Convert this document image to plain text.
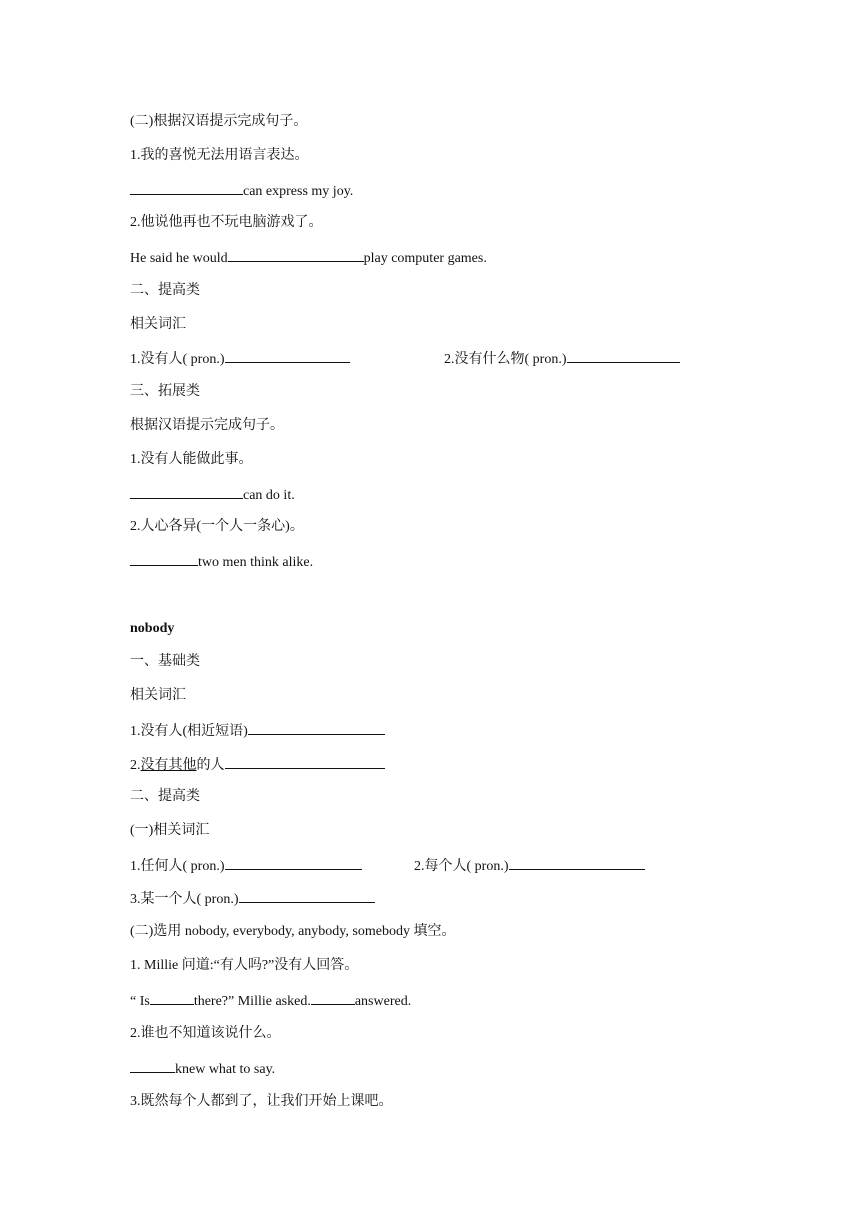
(二)根据汉语提示完成句子。
1.我的喜悦无法用语言表达。
can express my joy.
2.他说他再也不玩电脑游戏了。
He said he would	play computer games.
二、提高类
相关词汇
1.没有人( pron.)	2.没有什么物( pron.)
三、拓展类
根据汉语提示完成句子。
1.没有人能做此事。
can do it.
2.人心各异(一个人一条心)。
two men think alike.
nobody
一、基础类
相关词汇
1.没有人(相近短语)
2.没有其他的人
二、提高类
(一)相关词汇
1.任何人( pron.)	2.每个人( pron.)
3.某一个人( pron.)
(二)选用 nobody, everybody, anybody, somebody 填空。
1. Millie 问道:“有人吗?”没有人回答。
“ Is	there?” Millie asked.	answered.
2.谁也不知道该说什么。
knew what to say.
3.既然每个人都到了，让我们开始上课吧。
